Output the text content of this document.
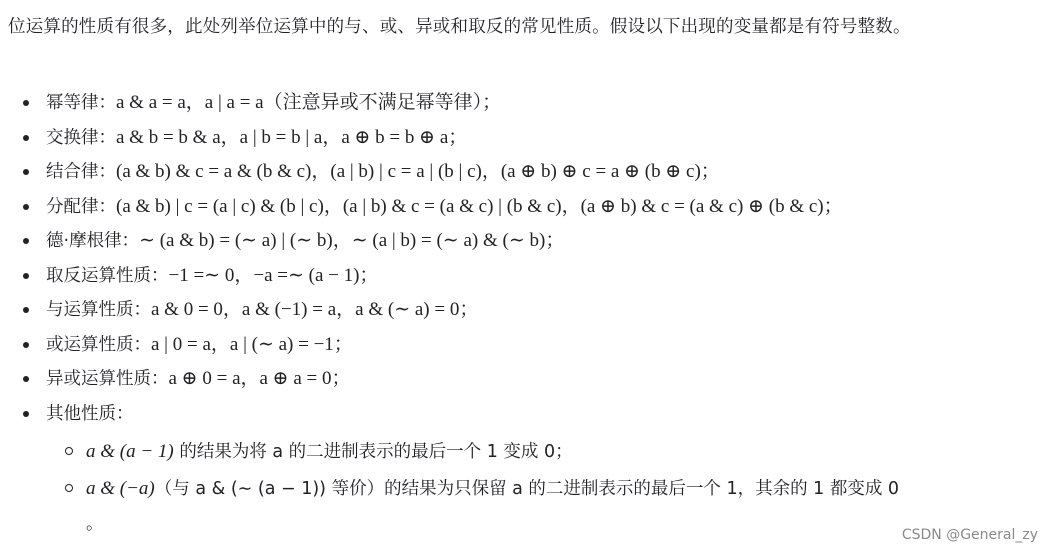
位运算的性质有很多，此处列举位运算中的与、或、异或和取反的常见性质。假设以下出现的变量都是有符号整数。
幂等律：a & a = a，a | a = a（注意异或不满足幂等律）；
交换律：a & b = b & a，a | b = b | a，a ⊕ b = b ⊕ a；
结合律：(a & b) & c = a & (b & c)，(a | b) | c = a | (b | c)，(a ⊕ b) ⊕ c = a ⊕ (b ⊕ c)；
分配律：(a & b) | c = (a | c) & (b | c)，(a | b) & c = (a & c) | (b & c)，(a ⊕ b) & c = (a & c) ⊕ (b & c)；
德·摩根律：∼ (a & b) = (∼ a) | (∼ b)，∼ (a | b) = (∼ a) & (∼ b)；
取反运算性质：−1 =∼ 0，−a =∼ (a − 1)；
与运算性质：a & 0 = 0，a & (−1) = a，a & (∼ a) = 0；
或运算性质：a | 0 = a，a | (∼ a) = −1；
异或运算性质：a ⊕ 0 = a，a ⊕ a = 0；
其他性质：
a & (a − 1) 的结果为将 a 的二进制表示的最后一个 1 变成 0；
a & (−a)（与 a & (∼ (a − 1)) 等价）的结果为只保留 a 的二进制表示的最后一个 1，其余的 1 都变成 0
。
CSDN @General_zy
